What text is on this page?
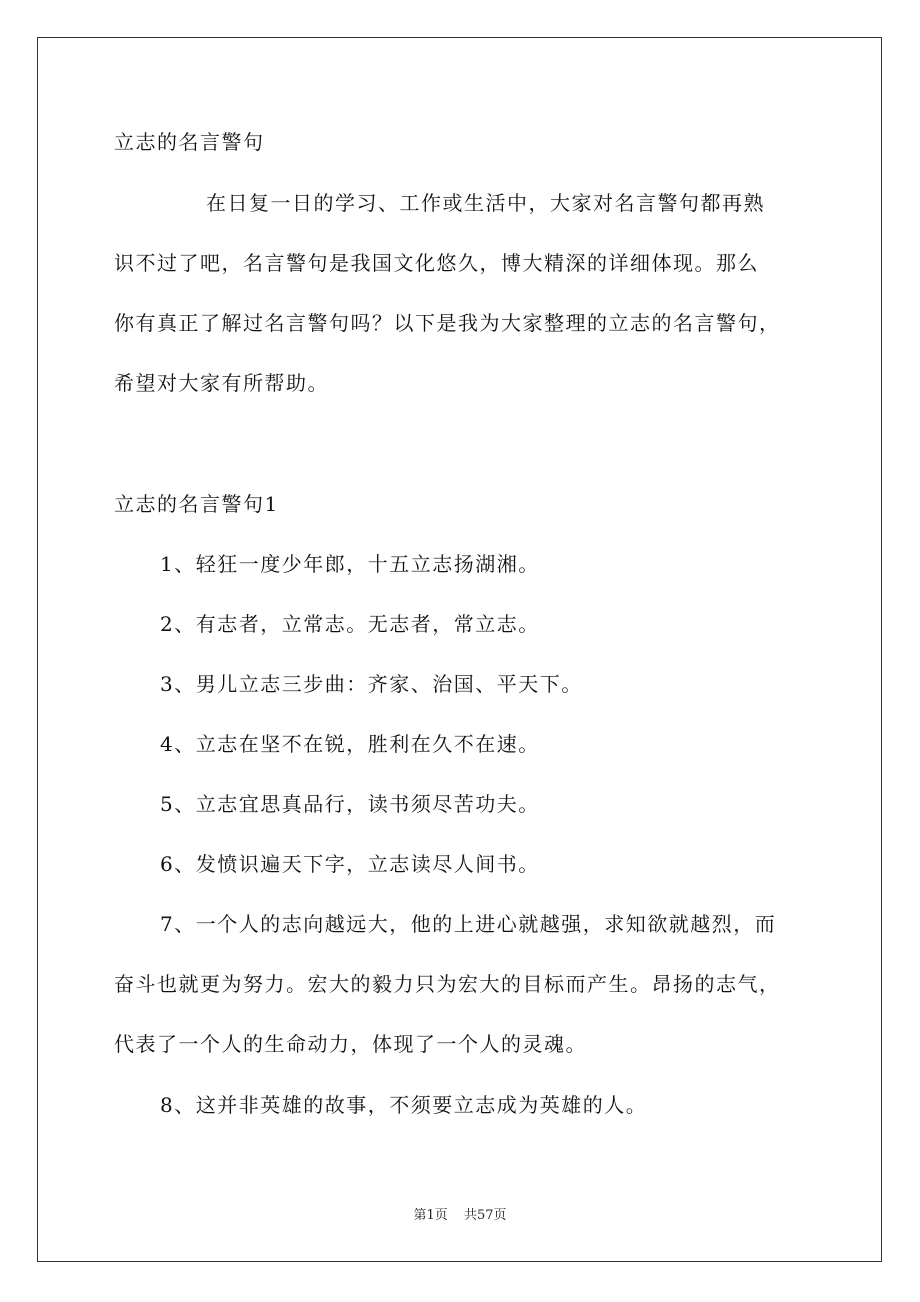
立志的名言警句
在日复一日的学习、工作或生活中，大家对名言警句都再熟
识不过了吧，名言警句是我国文化悠久，博大精深的详细体现。那么
你有真正了解过名言警句吗？以下是我为大家整理的立志的名言警句，
希望对大家有所帮助。
立志的名言警句1
1、轻狂一度少年郎，十五立志扬湖湘。
2、有志者，立常志。无志者，常立志。
3、男儿立志三步曲：齐家、治国、平天下。
4、立志在坚不在锐，胜利在久不在速。
5、立志宜思真品行，读书须尽苦功夫。
6、发愤识遍天下字，立志读尽人间书。
7、一个人的志向越远大，他的上进心就越强，求知欲就越烈，而
奋斗也就更为努力。宏大的毅力只为宏大的目标而产生。昂扬的志气，
代表了一个人的生命动力，体现了一个人的灵魂。
8、这并非英雄的故事，不须要立志成为英雄的人。
第1页 共57页
